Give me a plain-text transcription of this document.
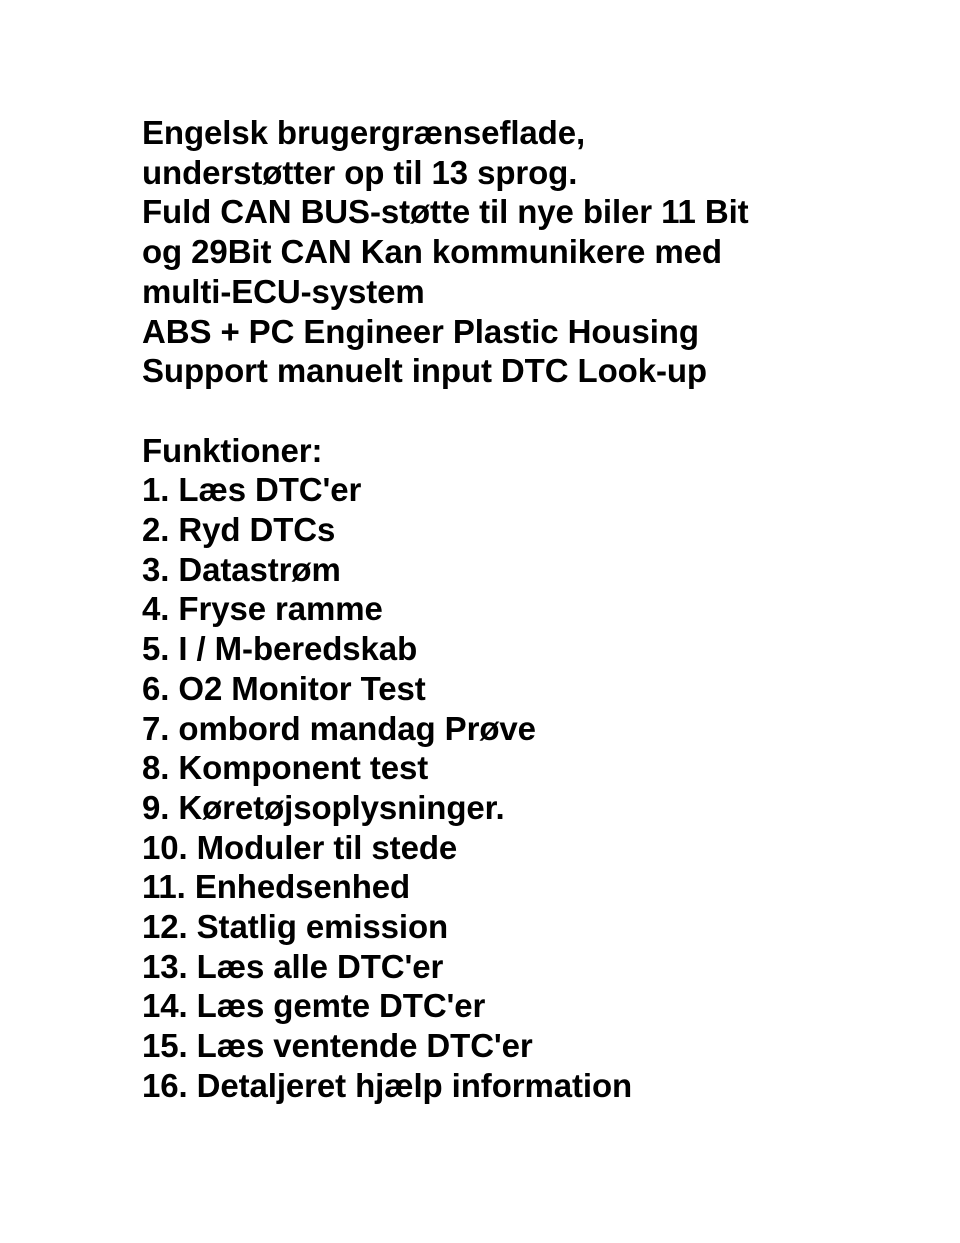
Engelsk brugergrænseflade,
understøtter op til 13 sprog.
Fuld CAN BUS-støtte til nye biler 11 Bit
og 29Bit CAN Kan kommunikere med
multi-ECU-system
ABS + PC Engineer Plastic Housing
Support manuelt input DTC Look-up
Funktioner:
1. Læs DTC'er
2. Ryd DTCs
3. Datastrøm
4. Fryse ramme
5. I / M-beredskab
6. O2 Monitor Test
7. ombord mandag Prøve
8. Komponent test
9. Køretøjsoplysninger.
10. Moduler til stede
11. Enhedsenhed
12. Statlig emission
13. Læs alle DTC'er
14. Læs gemte DTC'er
15. Læs ventende DTC'er
16. Detaljeret hjælp information
